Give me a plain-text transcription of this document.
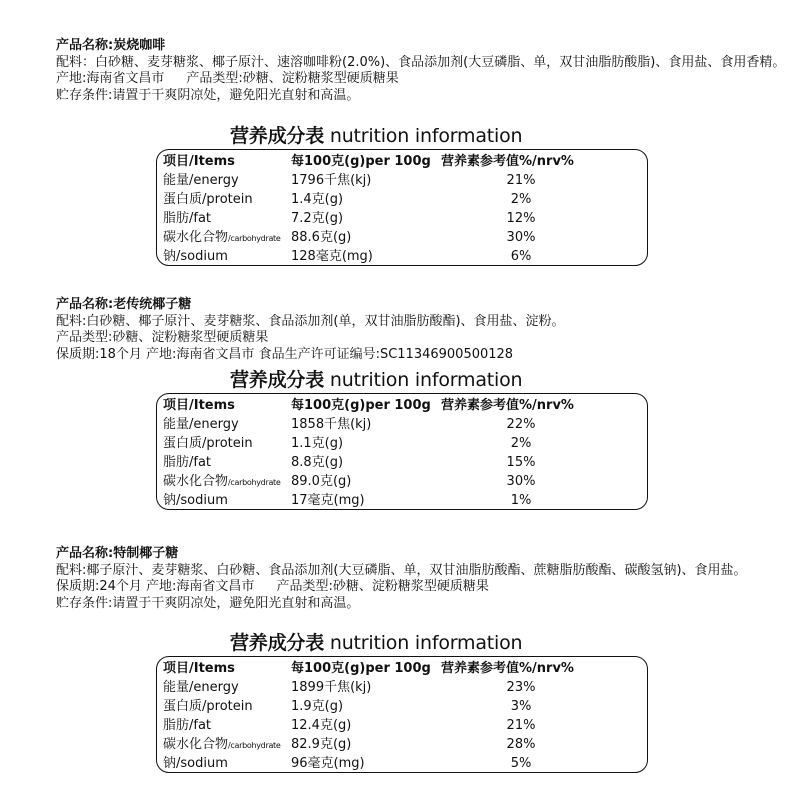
产品名称:炭烧咖啡
配料：白砂糖、麦芽糖浆、椰子原汁、速溶咖啡粉(2.0%)、食品添加剂(大豆磷脂、单，双甘油脂肪酸脂)、食用盐、食用香精。
产地:海南省文昌市 产品类型:砂糖、淀粉糖浆型硬质糖果
贮存条件:请置于干爽阴凉处，避免阳光直射和高温。
营养成分表 nutrition information
项目/Items	每100克(g)per 100g 营养素参考值%/nrv%
能量/energy	1796千焦(kj)	21%
蛋白质/protein	1.4克(g)	2%
脂肪/fat	7.2克(g)	12%
碳水化合物/carbohydrate 88.6克(g)	30%
钠/sodium	128毫克(mg)	6%
产品名称:老传统椰子糖
配料:白砂糖、椰子原汁、麦芽糖浆、食品添加剂(单，双甘油脂肪酸酯)、食用盐、淀粉。
产品类型:砂糖、淀粉糖浆型硬质糖果
保质期:18个月 产地:海南省文昌市 食品生产许可证编号:SC11346900500128
营养成分表 nutrition information
项目/Items	每100克(g)per 100g 营养素参考值%/nrv%
能量/energy	1858千焦(kj)	22%
蛋白质/protein	1.1克(g)	2%
脂肪/fat	8.8克(g)	15%
碳水化合物/carbohydrate 89.0克(g)	30%
钠/sodium	17毫克(mg)	1%
产品名称:特制椰子糖
配料:椰子原汁、麦芽糖浆、白砂糖、食品添加剂(大豆磷脂、单，双甘油脂肪酸酯、蔗糖脂肪酸酯、碳酸氢钠)、食用盐。
保质期:24个月 产地:海南省文昌市 产品类型:砂糖、淀粉糖浆型硬质糖果
贮存条件:请置于干爽阴凉处，避免阳光直射和高温。
营养成分表 nutrition information
项目/Items	每100克(g)per 100g 营养素参考值%/nrv%
能量/energy	1899千焦(kj)	23%
蛋白质/protein	1.9克(g)	3%
脂肪/fat	12.4克(g)	21%
碳水化合物/carbohydrate 82.9克(g)	28%
钠/sodium	96毫克(mg)	5%
